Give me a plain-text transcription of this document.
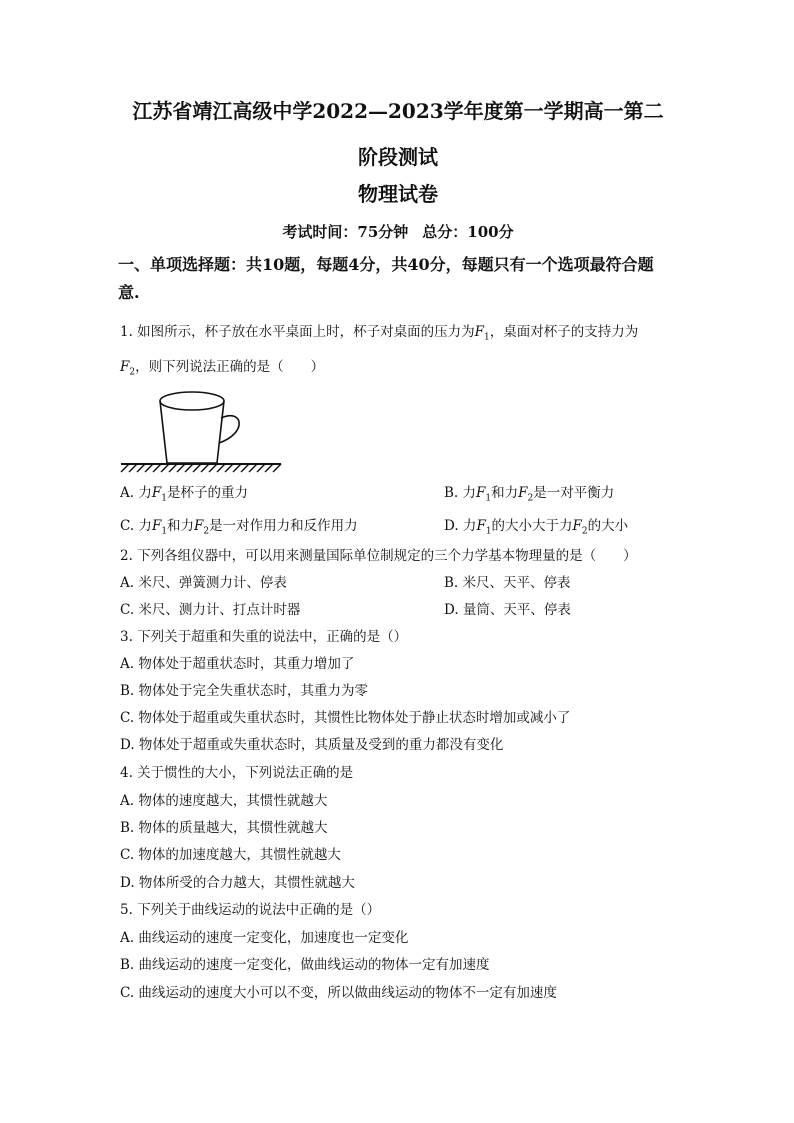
江苏省靖江高级中学2022—2023学年度第一学期高一第二
阶段测试
物理试卷
考试时间：75分钟 总分：100分
一、单项选择题：共10题，每题4分，共40分，每题只有一个选项最符合题
意.
1. 如图所示，杯子放在水平桌面上时，杯子对桌面的压力为$F_1$，桌面对杯子的支持力为
$F_2$，则下列说法正确的是（　　）
A. 力$F_1$是杯子的重力	B. 力$F_1$和力$F_2$是一对平衡力
C. 力$F_1$和力$F_2$是一对作用力和反作用力	D. 力$F_1$的大小大于力$F_2$的大小
2. 下列各组仪器中，可以用来测量国际单位制规定的三个力学基本物理量的是（　　）
A. 米尺、弹簧测力计、停表	B. 米尺、天平、停表
C. 米尺、测力计、打点计时器	D. 量筒、天平、停表
3. 下列关于超重和失重的说法中，正确的是（）
A. 物体处于超重状态时，其重力增加了
B. 物体处于完全失重状态时，其重力为零
C. 物体处于超重或失重状态时，其惯性比物体处于静止状态时增加或减小了
D. 物体处于超重或失重状态时，其质量及受到的重力都没有变化
4. 关于惯性的大小，下列说法正确的是
A. 物体的速度越大，其惯性就越大
B. 物体的质量越大，其惯性就越大
C. 物体的加速度越大，其惯性就越大
D. 物体所受的合力越大，其惯性就越大
5. 下列关于曲线运动的说法中正确的是（）
A. 曲线运动的速度一定变化，加速度也一定变化
B. 曲线运动的速度一定变化，做曲线运动的物体一定有加速度
C. 曲线运动的速度大小可以不变，所以做曲线运动的物体不一定有加速度
